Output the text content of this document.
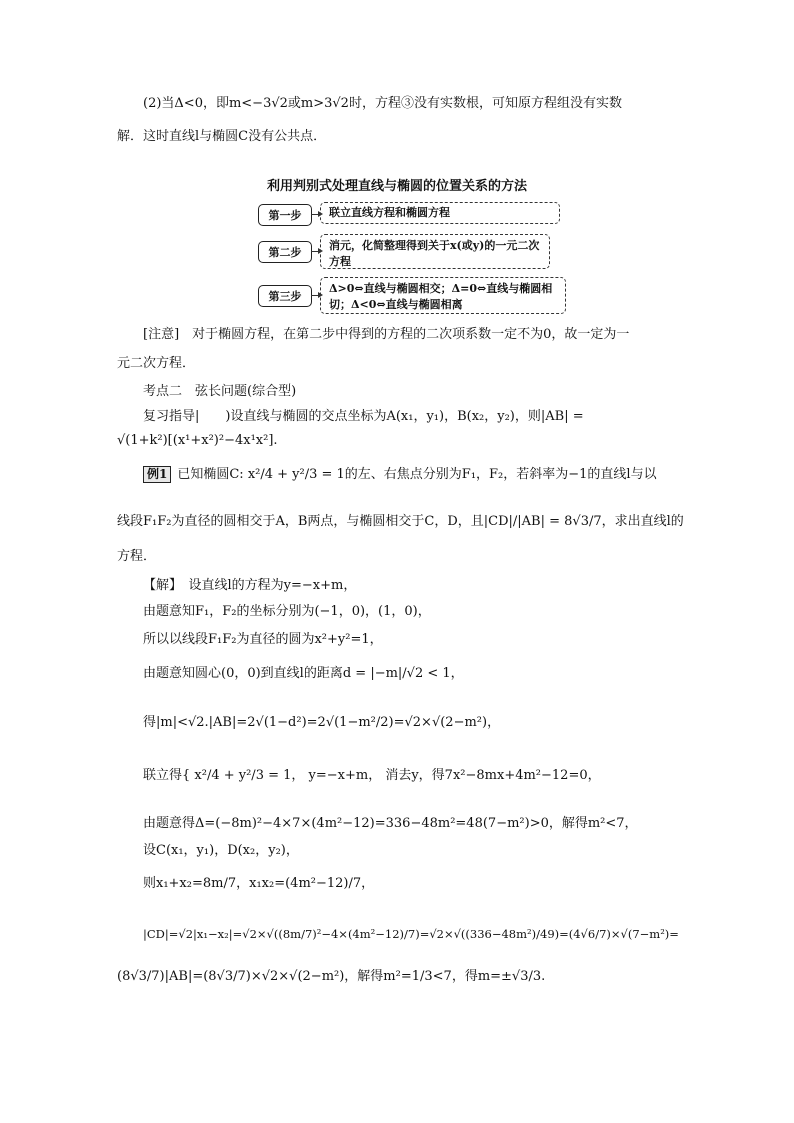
(2)当Δ<0，即m<−3√2或m>3√2时，方程③没有实数根，可知原方程组没有实数
解．这时直线l与椭圆C没有公共点．
利用判别式处理直线与椭圆的位置关系的方法
第一步	联立直线方程和椭圆方程
第二步
消元，化简整理得到关于x(或y)的一元二次
方程
第三步
Δ>0⇔直线与椭圆相交；Δ=0⇔直线与椭圆相
切；Δ<0⇔直线与椭圆相离
[注意]　对于椭圆方程，在第二步中得到的方程的二次项系数一定不为0，故一定为一
元二次方程．
考点二　弦长问题(综合型)
复习指导|　　)设直线与椭圆的交点坐标为A(x₁，y₁)，B(x₂，y₂)，则|AB| =
√(1+k²)[(x¹+x²)²−4x¹x²].
例1 已知椭圆C: x²/4 + y²/3 = 1的左、右焦点分别为F₁，F₂，若斜率为−1的直线l与以
线段F₁F₂为直径的圆相交于A，B两点，与椭圆相交于C，D，且|CD|/|AB| = 8√3/7，求出直线l的
方程．
【解】　设直线l的方程为y=−x+m，
由题意知F₁，F₂的坐标分别为(−1，0)，(1，0)，
所以以线段F₁F₂为直径的圆为x²+y²=1，
由题意知圆心(0，0)到直线l的距离d = |−m|/√2 < 1，
得|m|<√2.|AB|=2√(1−d²)=2√(1−m²/2)=√2×√(2−m²)，
联立得{ x²/4 + y²/3 = 1， y=−x+m， 消去y，得7x²−8mx+4m²−12=0，
由题意得Δ=(−8m)²−4×7×(4m²−12)=336−48m²=48(7−m²)>0，解得m²<7，
设C(x₁，y₁)，D(x₂，y₂)，
则x₁+x₂=8m/7，x₁x₂=(4m²−12)/7，
|CD|=√2|x₁−x₂|=√2×√((8m/7)²−4×(4m²−12)/7)=√2×√((336−48m²)/49)=(4√6/7)×√(7−m²)=
(8√3/7)|AB|=(8√3/7)×√2×√(2−m²)，解得m²=1/3<7，得m=±√3/3.
